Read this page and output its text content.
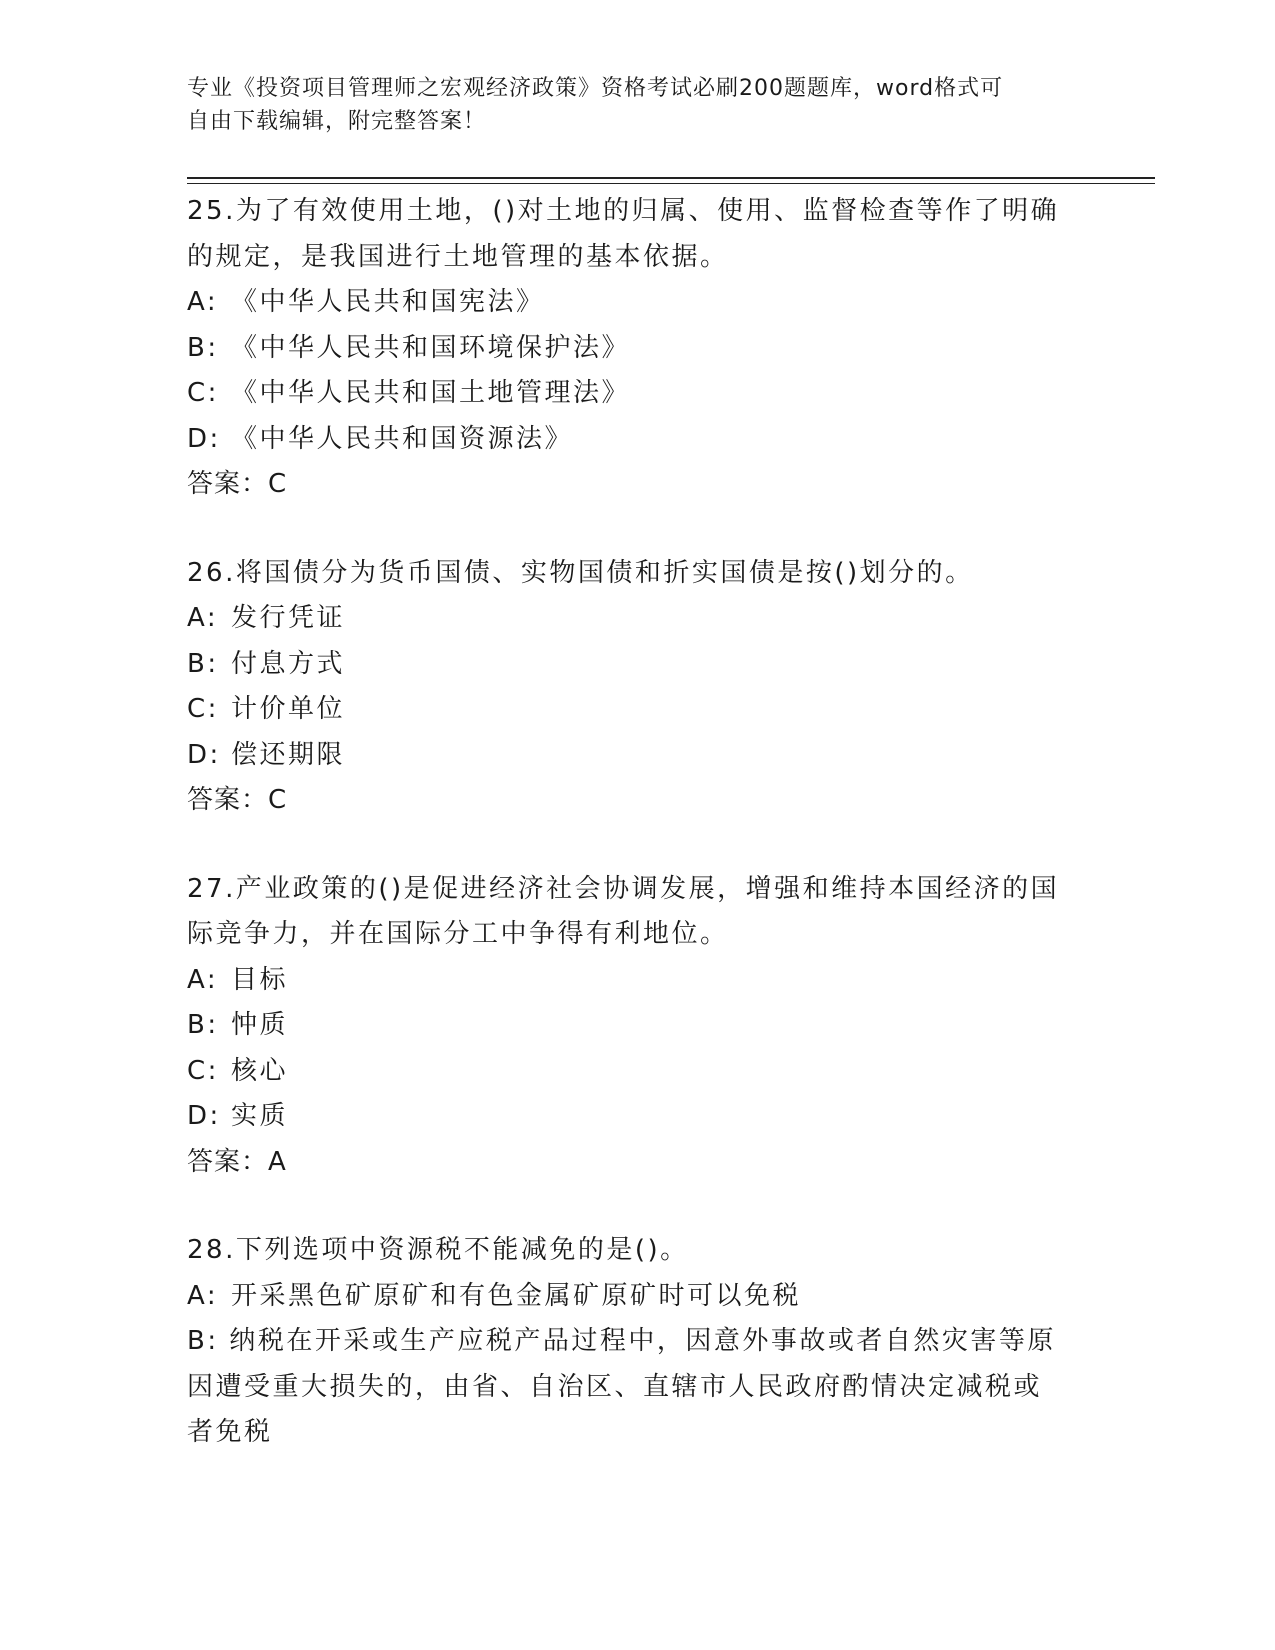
专业《投资项目管理师之宏观经济政策》资格考试必刷200题题库，word格式可
自由下载编辑，附完整答案！
25.为了有效使用土地，()对土地的归属、使用、监督检查等作了明确
的规定，是我国进行土地管理的基本依据。
A: 《中华人民共和国宪法》
B: 《中华人民共和国环境保护法》
C: 《中华人民共和国土地管理法》
D: 《中华人民共和国资源法》
答案：C
26.将国债分为货币国债、实物国债和折实国债是按()划分的。
A: 发行凭证
B: 付息方式
C: 计价单位
D: 偿还期限
答案：C
27.产业政策的()是促进经济社会协调发展，增强和维持本国经济的国
际竞争力，并在国际分工中争得有利地位。
A: 目标
B: 忡质
C: 核心
D: 实质
答案：A
28.下列选项中资源税不能减免的是()。
A: 开采黑色矿原矿和有色金属矿原矿时可以免税
B: 纳税在开采或生产应税产品过程中，因意外事故或者自然灾害等原
因遭受重大损失的，由省、自治区、直辖市人民政府酌情决定减税或
者免税
